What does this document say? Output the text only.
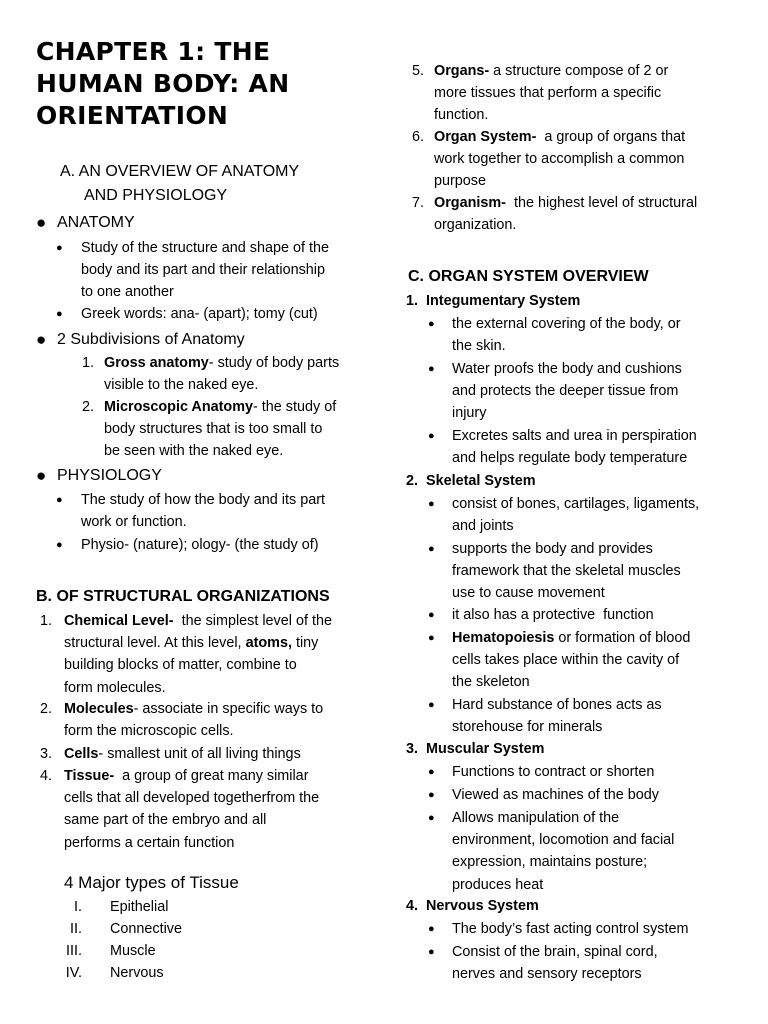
CHAPTER 1: THE
HUMAN BODY: AN
ORIENTATION
A. AN OVERVIEW OF ANATOMY
AND PHYSIOLOGY
● ANATOMY
●	Study of the structure and shape of the
body and its part and their relationship
to one another
●	Greek words: ana- (apart); tomy (cut)
● 2 Subdivisions of Anatomy
1. Gross anatomy- study of body parts
visible to the naked eye.
2. Microscopic Anatomy- the study of
body structures that is too small to
be seen with the naked eye.
● PHYSIOLOGY
●	The study of how the body and its part
work or function.
●	Physio- (nature); ology- (the study of)
B. OF STRUCTURAL ORGANIZATIONS
1. Chemical Level-  the simplest level of the
structural level. At this level, atoms, tiny
building blocks of matter, combine to
form molecules.
2. Molecules- associate in specific ways to
form the microscopic cells.
3. Cells- smallest unit of all living things
4. Tissue-  a group of great many similar
cells that all developed togetherfrom the
same part of the embryo and all
performs a certain function
4 Major types of Tissue
I.	Epithelial
II.	Connective
III.	Muscle
IV.	Nervous
5. Organs- a structure compose of 2 or
more tissues that perform a specific
function.
6. Organ System-  a group of organs that
work together to accomplish a common
purpose
7. Organism-  the highest level of structural
organization.
C. ORGAN SYSTEM OVERVIEW
1.  Integumentary System
●	the external covering of the body, or
the skin.
●	Water proofs the body and cushions
and protects the deeper tissue from
injury
●	Excretes salts and urea in perspiration
and helps regulate body temperature
2.  Skeletal System
●	consist of bones, cartilages, ligaments,
and joints
●	supports the body and provides
framework that the skeletal muscles
use to cause movement
●	it also has a protective  function
●	Hematopoiesis or formation of blood
cells takes place within the cavity of
the skeleton
●	Hard substance of bones acts as
storehouse for minerals
3.  Muscular System
●	Functions to contract or shorten
●	Viewed as machines of the body
●	Allows manipulation of the
environment, locomotion and facial
expression, maintains posture;
produces heat
4.  Nervous System
●	The body’s fast acting control system
●	Consist of the brain, spinal cord,
nerves and sensory receptors
